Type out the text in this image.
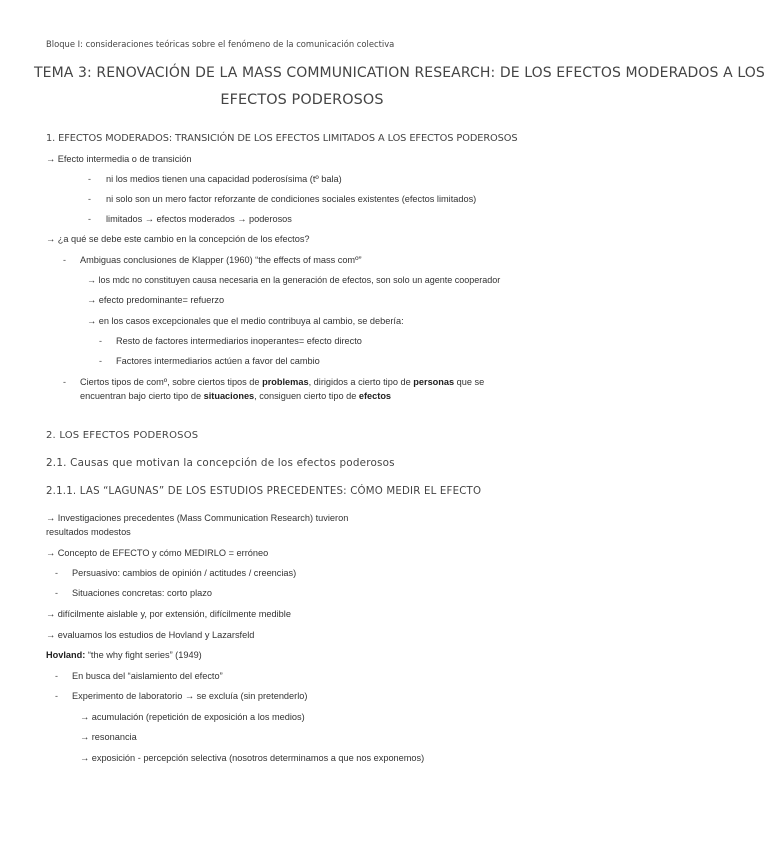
Bloque I: consideraciones teóricas sobre el fenómeno de la comunicación colectiva
TEMA 3: RENOVACIÓN DE LA MASS COMMUNICATION RESEARCH: DE LOS EFECTOS MODERADOS A LOS
EFECTOS PODEROSOS
1. EFECTOS MODERADOS: TRANSICIÓN DE LOS EFECTOS LIMITADOS A LOS EFECTOS PODEROSOS
→ Efecto intermedia o de transición
- ni los medios tienen una capacidad poderosísima (tº bala)
- ni solo son un mero factor reforzante de condiciones sociales existentes (efectos limitados)
- limitados → efectos moderados → poderosos
→ ¿a qué se debe este cambio en la concepción de los efectos?
- Ambiguas conclusiones de Klapper (1960) “the effects of mass comº”
→ los mdc no constituyen causa necesaria en la generación de efectos, son solo un agente cooperador
→ efecto predominante= refuerzo
→ en los casos excepcionales que el medio contribuya al cambio, se debería:
- Resto de factores intermediarios inoperantes= efecto directo
- Factores intermediarios actúen a favor del cambio
- Ciertos tipos de comº, sobre ciertos tipos de problemas, dirigidos a cierto tipo de personas que se
encuentran bajo cierto tipo de situaciones, consiguen cierto tipo de efectos
2. LOS EFECTOS PODEROSOS
2.1. Causas que motivan la concepción de los efectos poderosos
2.1.1. LAS “LAGUNAS” DE LOS ESTUDIOS PRECEDENTES: CÓMO MEDIR EL EFECTO
→ Investigaciones precedentes (Mass Communication Research) tuvieron
resultados modestos
→ Concepto de EFECTO y cómo MEDIRLO = erróneo
- Persuasivo: cambios de opinión / actitudes / creencias)
- Situaciones concretas: corto plazo
→ difícilmente aislable y, por extensión, difícilmente medible
→ evaluamos los estudios de Hovland y Lazarsfeld
Hovland: “the why fight series” (1949)
- En busca del “aislamiento del efecto”
- Experimento de laboratorio → se excluía (sin pretenderlo)
→ acumulación (repetición de exposición a los medios)
→ resonancia
→ exposición - percepción selectiva (nosotros determinamos a que nos exponemos)
